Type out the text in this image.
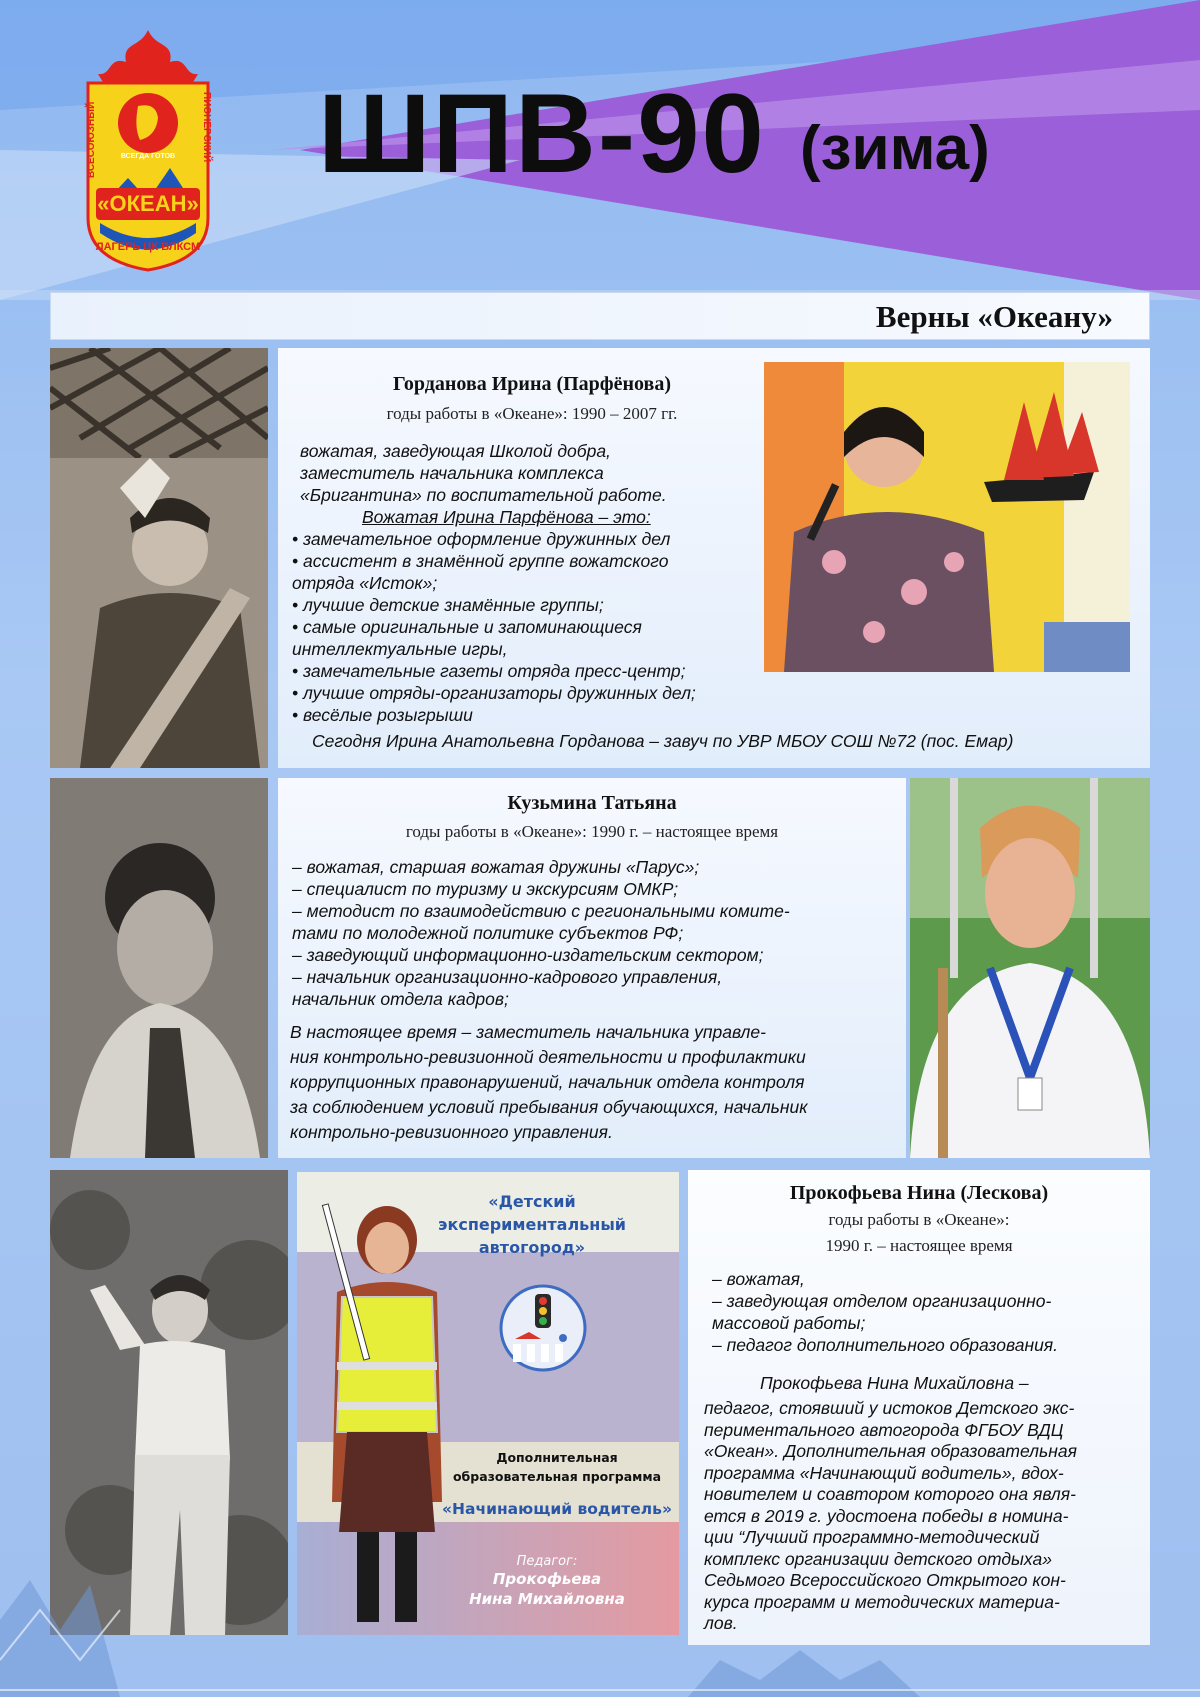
«ОКЕАН»
ЛАГЕРЬ ЦК ВЛКСМ
ВСЕСОЮЗНЫЙ	ПИОНЕРСКИЙ
ВСЕГДА ГОТОВ ШПВ-90 (зима)
Верны «Океану»
Горданова Ирина (Парфёнова)
годы работы в «Океане»: 1990 – 2007 гг.
вожатая, заведующая Школой добра,
заместитель начальника комплекса
«Бригантина» по воспитательной работе.
Вожатая Ирина Парфёнова – это:
• замечательное оформление дружинных дел
• ассистент в знамённой группе вожатского
отряда «Исток»;
• лучшие детские знамённые группы;
• самые оригинальные и запоминающиеся
интеллектуальные игры,
• замечательные газеты отряда пресс-центр;
• лучшие отряды-организаторы дружинных дел;
• весёлые розыгрыши
Сегодня Ирина Анатольевна Горданова – завуч по УВР МБОУ СОШ №72 (пос. Емар)
Кузьмина Татьяна
годы работы в «Океане»: 1990 г. – настоящее время
– вожатая, старшая вожатая дружины «Парус»;
– специалист по туризму и экскурсиям ОМКР;
– методист по взаимодействию с региональными комите-
тами по молодежной политике субъектов РФ;
– заведующий информационно-издательским сектором;
– начальник организационно-кадрового управления,
начальник отдела кадров;
В настоящее время – заместитель начальника управле-
ния контрольно-ревизионной деятельности и профилактики
коррупционных правонарушений, начальник отдела контроля
за соблюдением условий пребывания обучающихся, начальник
контрольно-ревизионного управления.
«Детский
экспериментальный
автогород»
Дополнительная
образовательная программа
«Начинающий водитель»
Педагог:
Прокофьева
Нина Михайловна
Прокофьева Нина (Лескова)
годы работы в «Океане»:
1990 г. – настоящее время
– вожатая,
– заведующая отделом организационно-
массовой работы;
– педагог дополнительного образования.
Прокофьева Нина Михайловна –
педагог, стоявший у истоков Детского экс-
периментального автогорода ФГБОУ ВДЦ
«Океан». Дополнительная образовательная
программа «Начинающий водитель», вдох-
новителем и соавтором которого она явля-
ется в 2019 г. удостоена победы в номина-
ции “Лучший программно-методический
комплекс организации детского отдыха»
Седьмого Всероссийского Открытого кон-
курса программ и методических материа-
лов.
